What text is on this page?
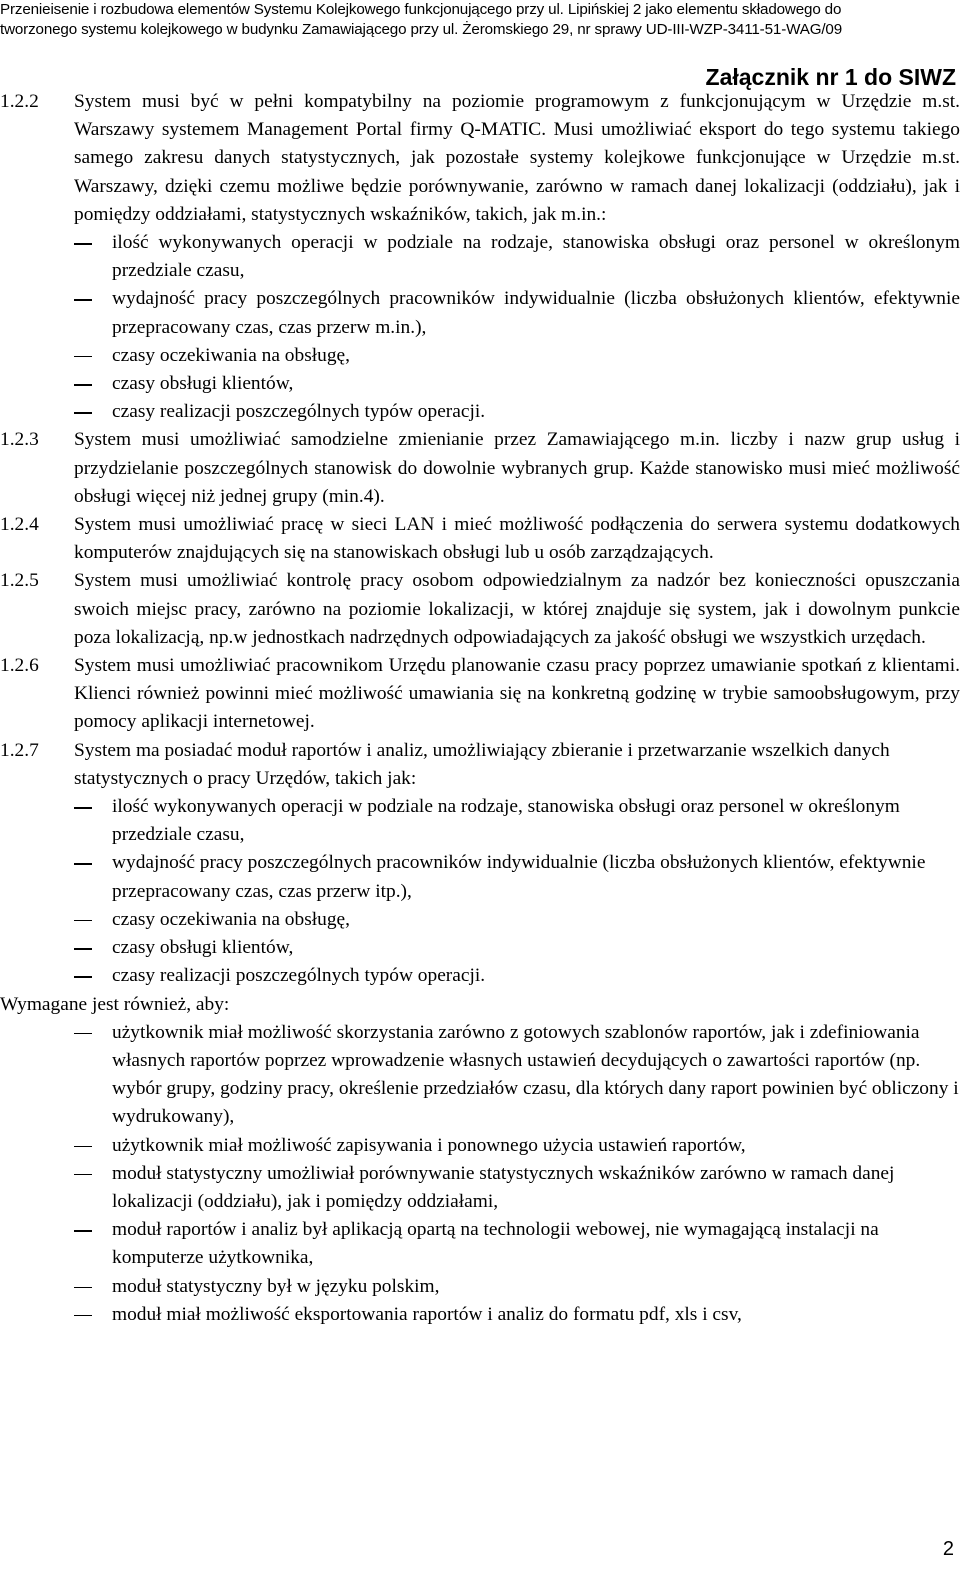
Przenieisenie i rozbudowa elementów Systemu Kolejkowego funkcjonującego przy ul. Lipińskiej 2 jako elementu składowego do
tworzonego systemu kolejkowego w budynku Zamawiającego przy ul. Żeromskiego 29, nr sprawy UD-III-WZP-3411-51-WAG/09
Załącznik nr 1 do SIWZ
1.2.2 System musi być w pełni kompatybilny na poziomie programowym z funkcjonującym w Urzędzie m.st. Warszawy systemem Management Portal firmy Q-MATIC. Musi umożliwiać eksport do tego systemu takiego samego zakresu danych statystycznych, jak pozostałe systemy kolejkowe funkcjonujące w Urzędzie m.st. Warszawy, dzięki czemu możliwe będzie porównywanie, zarówno w ramach danej lokalizacji (oddziału), jak i pomiędzy oddziałami, statystycznych wskaźników, takich, jak m.in.:
ilość wykonywanych operacji w podziale na rodzaje, stanowiska obsługi oraz personel w określonym przedziale czasu,
wydajność pracy poszczególnych pracowników indywidualnie (liczba obsłużonych klientów, efektywnie przepracowany czas, czas przerw m.in.),
czasy oczekiwania na obsługę,
czasy obsługi klientów,
czasy realizacji poszczególnych typów operacji.
1.2.3 System musi umożliwiać samodzielne zmienianie przez Zamawiającego m.in. liczby i nazw grup usług i przydzielanie poszczególnych stanowisk do dowolnie wybranych grup. Każde stanowisko musi mieć możliwość obsługi więcej niż jednej grupy (min.4).
1.2.4 System musi umożliwiać pracę w sieci LAN i mieć możliwość podłączenia do serwera systemu dodatkowych komputerów znajdujących się na stanowiskach obsługi lub u osób zarządzających.
1.2.5 System musi umożliwiać kontrolę pracy osobom odpowiedzialnym za nadzór bez konieczności opuszczania swoich miejsc pracy, zarówno na poziomie lokalizacji, w której znajduje się system, jak i dowolnym punkcie poza lokalizacją, np.w jednostkach nadrzędnych odpowiadających za jakość obsługi we wszystkich urzędach.
1.2.6 System musi umożliwiać pracownikom Urzędu planowanie czasu pracy poprzez umawianie spotkań z klientami. Klienci również powinni mieć możliwość umawiania się na konkretną godzinę w trybie samoobsługowym, przy pomocy aplikacji internetowej.
1.2.7 System ma posiadać moduł raportów i analiz, umożliwiający zbieranie i przetwarzanie wszelkich danych statystycznych o pracy Urzędów, takich jak:
ilość wykonywanych operacji w podziale na rodzaje, stanowiska obsługi oraz personel w określonym przedziale czasu,
wydajność pracy poszczególnych pracowników indywidualnie (liczba obsłużonych klientów, efektywnie przepracowany czas, czas przerw itp.),
czasy oczekiwania na obsługę,
czasy obsługi klientów,
czasy realizacji poszczególnych typów operacji.
Wymagane jest również, aby:
użytkownik miał możliwość skorzystania zarówno z gotowych szablonów raportów, jak i zdefiniowania własnych raportów poprzez wprowadzenie własnych ustawień decydujących o zawartości raportów (np. wybór grupy, godziny pracy, określenie przedziałów czasu, dla których dany raport powinien być obliczony i wydrukowany),
użytkownik miał możliwość zapisywania i ponownego użycia ustawień raportów,
moduł statystyczny umożliwiał porównywanie statystycznych wskaźników zarówno w ramach danej lokalizacji (oddziału), jak i pomiędzy oddziałami,
moduł raportów i analiz był aplikacją opartą na technologii webowej, nie wymagającą instalacji na komputerze użytkownika,
moduł statystyczny był w języku polskim,
moduł miał możliwość eksportowania raportów i analiz do formatu pdf, xls i csv,
2
